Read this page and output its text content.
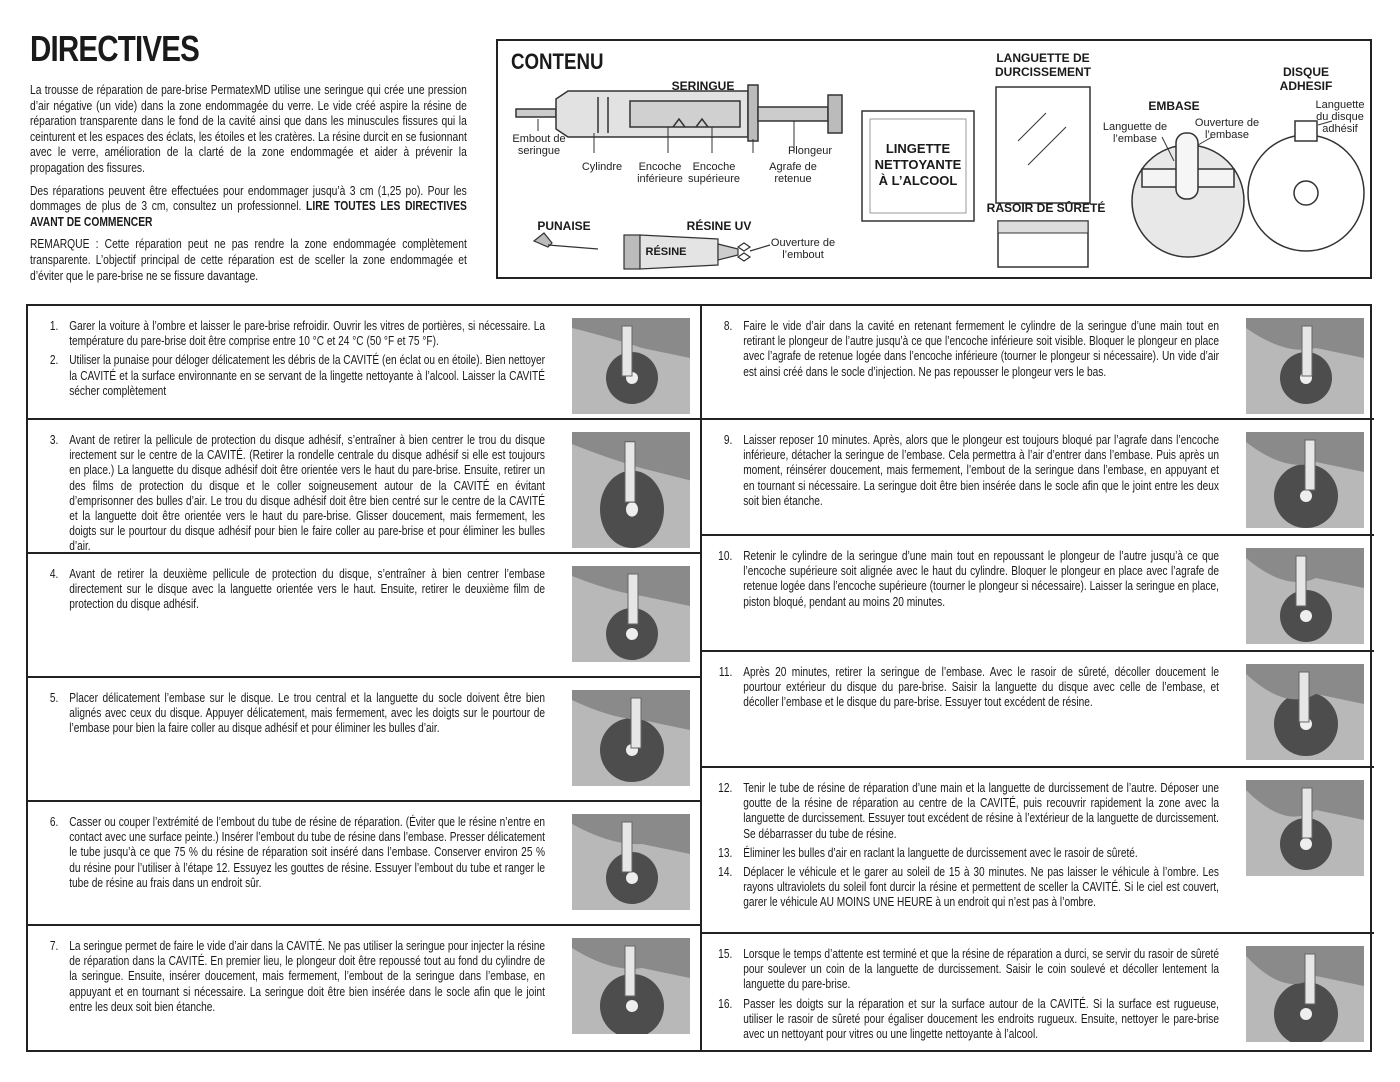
DIRECTIVES

La trousse de réparation de pare-brise PermatexMD utilise une seringue qui crée une pression d’air négative (un vide) dans la zone endommagée du verre. Le vide créé aspire la résine de réparation transparente dans le fond de la cavité ainsi que dans les minuscules fissures qui la ceinturent et les espaces des éclats, les étoiles et les cratères. La résine durcit en se fusionnant avec le verre, amélioration de la clarté de la zone endommagée et aider à prévenir la propagation des fissures.

Des réparations peuvent être effectuées pour endommager jusqu’à 3 cm (1,25 po). Pour les dommages de plus de 3 cm, consultez un professionnel. LIRE TOUTES LES DIRECTIVES AVANT DE COMMENCER

REMARQUE : Cette réparation peut ne pas rendre la zone endommagée complètement transparente. L’objectif principal de cette réparation est de sceller la zone endommagée et d’éviter que le pare-brise ne se fissure davantage.

CONTENU
SERINGUE
Embout de seringue
Cylindre	Encoche inférieure
Encoche supérieure
Plongeur
Agrafe de retenue
PUNAISE	RÉSINE UV
RÉSINE
Ouverture de l’embout
LINGETTE NETTOYANTE À L’ALCOOL
LANGUETTE DE DURCISSEMENT
RASOIR DE SÛRETÉ
EMBASE
Languette de l’embase
Ouverture de l’embase
DISQUE ADHESIF
Languette du disque adhésif
1. Garer la voiture à l’ombre et laisser le pare-brise refroidir. Ouvrir les vitres de portières, si nécessaire. La température du pare-brise doit être comprise entre 10 °C et 24 °C (50 °F et 75 °F).
2. Utiliser la punaise pour déloger délicatement les débris de la CAVITÉ (en éclat ou en étoile). Bien nettoyer la CAVITÉ et la surface environnante en se servant de la lingette nettoyante à l’alcool. Laisser la CAVITÉ sécher complètement
3. Avant de retirer la pellicule de protection du disque adhésif, s’entraîner à bien centrer le trou du disque irectement sur le centre de la CAVITÉ. (Retirer la rondelle centrale du disque adhésif si elle est toujours en place.) La languette du disque adhésif doit être orientée vers le haut du pare-brise. Ensuite, retirer un des films de protection du disque et le coller soigneusement autour de la CAVITÉ en évitant d’emprisonner des bulles d’air. Le trou du disque adhésif doit être bien centré sur le centre de la CAVITÉ et la languette doit être orientée vers le haut du pare-brise. Glisser doucement, mais fermement, les doigts sur le pourtour du disque adhésif pour bien le faire coller au pare-brise et pour éliminer les bulles d’air.
4. Avant de retirer la deuxième pellicule de protection du disque, s’entraîner à bien centrer l’embase directement sur le disque avec la languette orientée vers le haut. Ensuite, retirer le deuxième film de protection du disque adhésif.
5. Placer délicatement l’embase sur le disque. Le trou central et la languette du socle doivent être bien alignés avec ceux du disque. Appuyer délicatement, mais fermement, avec les doigts sur le pourtour de l’embase pour bien la faire coller au disque adhésif et pour éliminer les bulles d’air.
6. Casser ou couper l’extrémité de l’embout du tube de résine de réparation. (Éviter que le résine n’entre en contact avec une surface peinte.) Insérer l’embout du tube de résine dans l’embase. Presser délicatement le tube jusqu’à ce que 75 % du résine de réparation soit inséré dans l’embase. Conserver environ 25 % du résine pour l’utiliser à l’étape 12. Essuyez les gouttes de résine. Essuyer l’embout du tube et ranger le tube de résine au frais dans un endroit sûr.
7. La seringue permet de faire le vide d’air dans la CAVITÉ. Ne pas utiliser la seringue pour injecter la résine de réparation dans la CAVITÉ. En premier lieu, le plongeur doit être repoussé tout au fond du cylindre de la seringue. Ensuite, insérer doucement, mais fermement, l’embout de la seringue dans l’embase, en appuyant et en tournant si nécessaire. La seringue doit être bien insérée dans le socle afin que le joint entre les deux soit bien étanche.
8. Faire le vide d’air dans la cavité en retenant fermement le cylindre de la seringue d’une main tout en retirant le plongeur de l’autre jusqu’à ce que l’encoche inférieure soit visible. Bloquer le plongeur en place avec l’agrafe de retenue logée dans l’encoche inférieure (tourner le plongeur si nécessaire). Un vide d’air est ainsi créé dans le socle d’injection. Ne pas repousser le plongeur vers le bas.
9. Laisser reposer 10 minutes. Après, alors que le plongeur est toujours bloqué par l’agrafe dans l’encoche inférieure, détacher la seringue de l’embase. Cela permettra à l’air d’entrer dans l’embase. Puis après un moment, réinsérer doucement, mais fermement, l’embout de la seringue dans l’embase, en appuyant et en tournant si nécessaire. La seringue doit être bien insérée dans le socle afin que le joint entre les deux soit bien étanche.
10. Retenir le cylindre de la seringue d’une main tout en repoussant le plongeur de l’autre jusqu’à ce que l’encoche supérieure soit alignée avec le haut du cylindre. Bloquer le plongeur en place avec l’agrafe de retenue logée dans l’encoche supérieure (tourner le plongeur si nécessaire). Laisser la seringue en place, piston bloqué, pendant au moins 20 minutes.
11. Après 20 minutes, retirer la seringue de l’embase. Avec le rasoir de sûreté, décoller doucement le pourtour extérieur du disque du pare-brise. Saisir la languette du disque avec celle de l’embase, et décoller l’embase et le disque du pare-brise. Essuyer tout excédent de résine.
12. Tenir le tube de résine de réparation d’une main et la languette de durcissement de l’autre. Déposer une goutte de la résine de réparation au centre de la CAVITÉ, puis recouvrir rapidement la zone avec la languette de durcissement. Essuyer tout excédent de résine à l’extérieur de la languette de durcissement. Se débarrasser du tube de résine.
13. Éliminer les bulles d’air en raclant la languette de durcissement avec le rasoir de sûreté.
14. Déplacer le véhicule et le garer au soleil de 15 à 30 minutes. Ne pas laisser le véhicule à l’ombre. Les rayons ultraviolets du soleil font durcir la résine et permettent de sceller la CAVITÉ. Si le ciel est couvert, garer le véhicule AU MOINS UNE HEURE à un endroit qui n’est pas à l’ombre.
15. Lorsque le temps d’attente est terminé et que la résine de réparation a durci, se servir du rasoir de sûreté pour soulever un coin de la languette de durcissement. Saisir le coin soulevé et décoller lentement la languette du pare-brise.
16. Passer les doigts sur la réparation et sur la surface autour de la CAVITÉ. Si la surface est rugueuse, utiliser le rasoir de sûreté pour égaliser doucement les endroits rugueux. Ensuite, nettoyer le pare-brise avec un nettoyant pour vitres ou une lingette nettoyante à l’alcool.
